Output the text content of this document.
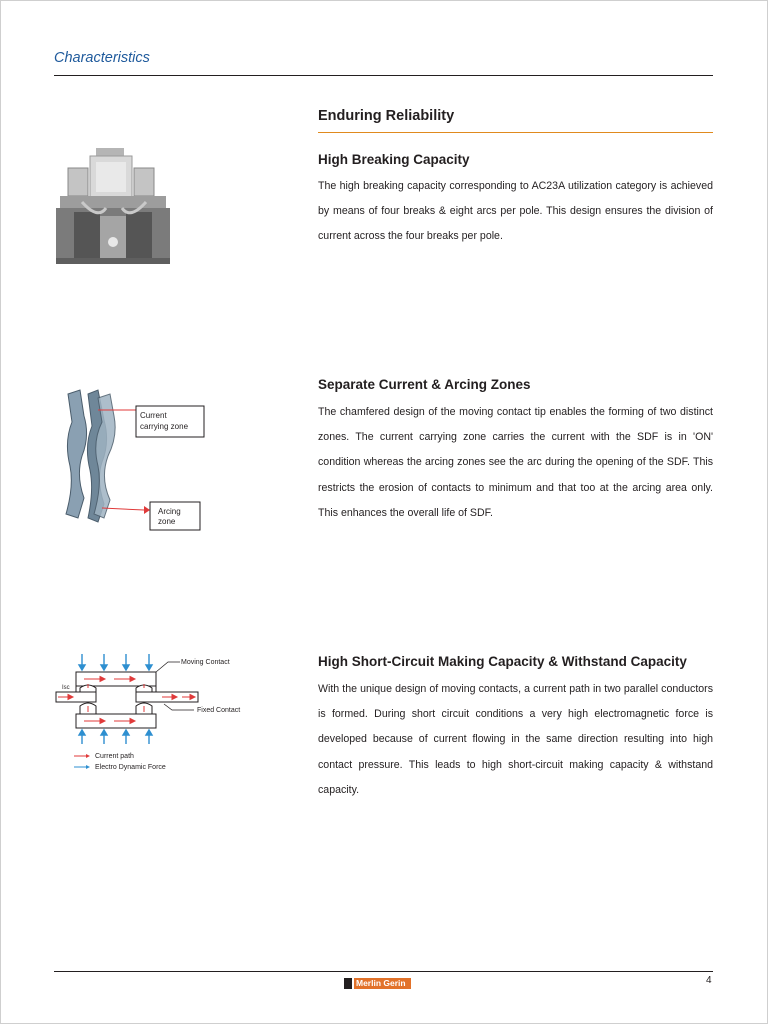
Characteristics
Enduring Reliability
High Breaking Capacity
The high breaking capacity corresponding to AC23A utilization category is achieved by means of four breaks & eight arcs per pole. This design ensures the division of current across the four breaks per pole.
Separate Current & Arcing Zones
The chamfered design of the moving contact tip enables the forming of two distinct zones. The current carrying zone carries the current with the SDF is in 'ON' condition whereas the arcing zones see the arc during the opening of the SDF. This restricts the erosion of contacts to minimum and that too at the arcing area only. This enhances the overall life of SDF.
Current
carrying zone
Arcing
zone
High Short-Circuit Making Capacity & Withstand Capacity
With the unique design of moving contacts, a current path in two parallel conductors is formed. During short circuit conditions a very high electromagnetic force is developed because of current flowing in the same direction resulting into high contact pressure. This leads to high short-circuit making capacity & withstand capacity.
Isc
Moving Contact
Fixed Contact
Current path
Electro Dynamic Force
Merlin Gerin	4
